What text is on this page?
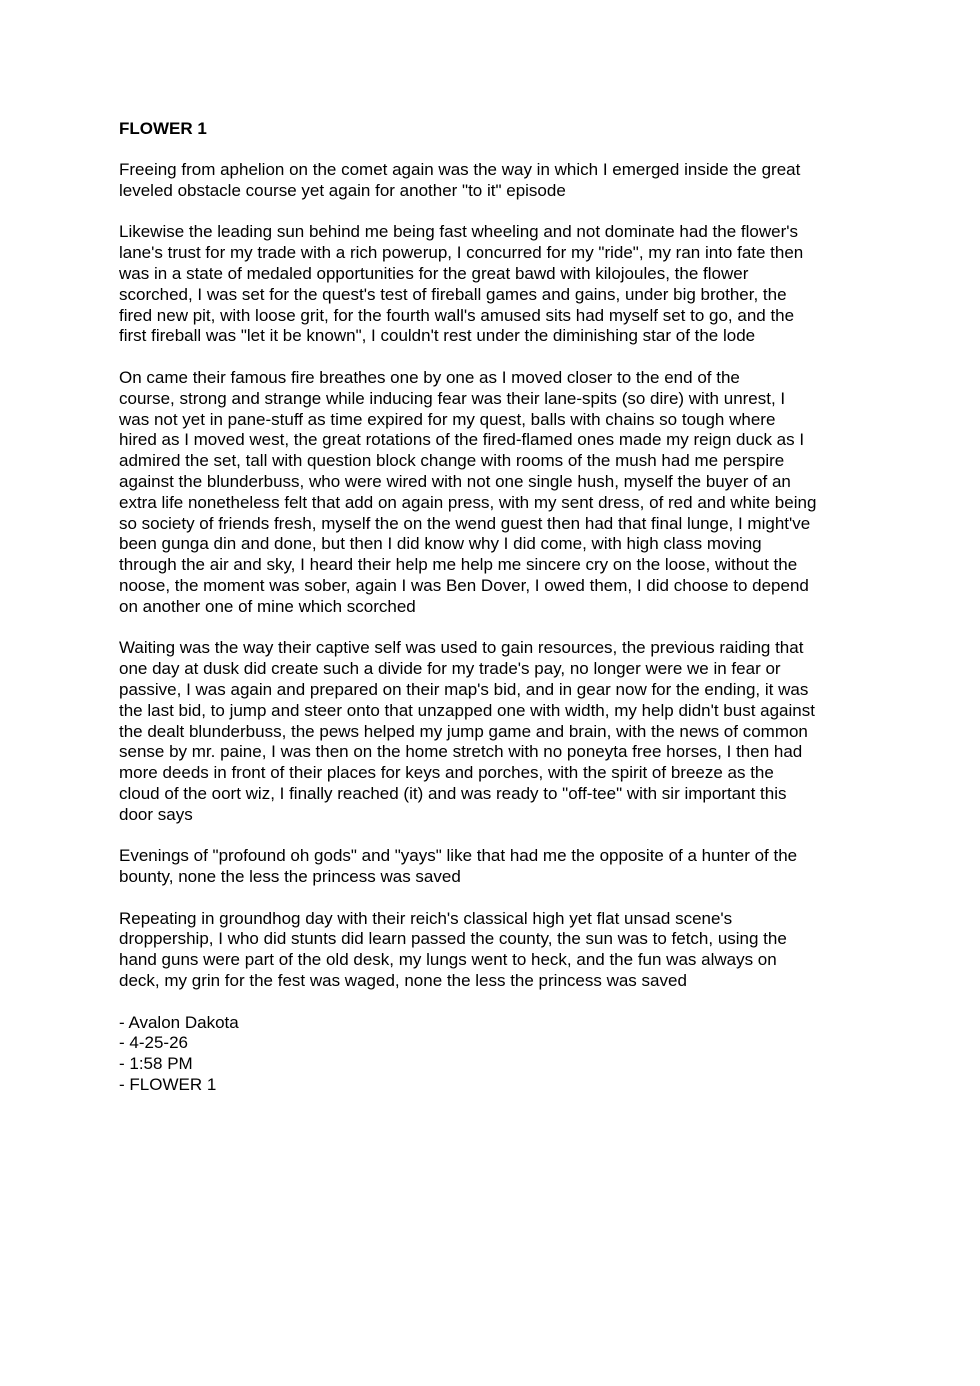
FLOWER 1

Freeing from aphelion on the comet again was the way in which I emerged inside the great
leveled obstacle course yet again for another "to it" episode

Likewise the leading sun behind me being fast wheeling and not dominate had the flower's
lane's trust for my trade with a rich powerup, I concurred for my "ride", my ran into fate then
was in a state of medaled opportunities for the great bawd with kilojoules, the flower
scorched, I was set for the quest's test of fireball games and gains, under big brother, the
fired new pit, with loose grit, for the fourth wall's amused sits had myself set to go, and the
first fireball was "let it be known", I couldn't rest under the diminishing star of the lode

On came their famous fire breathes one by one as I moved closer to the end of the
course, strong and strange while inducing fear was their lane-spits (so dire) with unrest, I
was not yet in pane-stuff as time expired for my quest, balls with chains so tough where
hired as I moved west, the great rotations of the fired-flamed ones made my reign duck as I
admired the set, tall with question block change with rooms of the mush had me perspire
against the blunderbuss, who were wired with not one single hush, myself the buyer of an
extra life nonetheless felt that add on again press, with my sent dress, of red and white being
so society of friends fresh, myself the on the wend guest then had that final lunge, I might've
been gunga din and done, but then I did know why I did come, with high class moving
through the air and sky, I heard their help me help me sincere cry on the loose, without the
noose, the moment was sober, again I was Ben Dover, I owed them, I did choose to depend
on another one of mine which scorched

Waiting was the way their captive self was used to gain resources, the previous raiding that
one day at dusk did create such a divide for my trade's pay, no longer were we in fear or
passive, I was again and prepared on their map's bid, and in gear now for the ending, it was
the last bid, to jump and steer onto that unzapped one with width, my help didn't bust against
the dealt blunderbuss, the pews helped my jump game and brain, with the news of common
sense by mr. paine, I was then on the home stretch with no poneyta free horses, I then had
more deeds in front of their places for keys and porches, with the spirit of breeze as the
cloud of the oort wiz, I finally reached (it) and was ready to "off-tee" with sir important this
door says

Evenings of "profound oh gods" and "yays" like that had me the opposite of a hunter of the
bounty, none the less the princess was saved

Repeating in groundhog day with their reich's classical high yet flat unsad scene's
droppership, I who did stunts did learn passed the county, the sun was to fetch, using the
hand guns were part of the old desk, my lungs went to heck, and the fun was always on
deck, my grin for the fest was waged, none the less the princess was saved

- Avalon Dakota
- 4-25-26
- 1:58 PM
- FLOWER 1
